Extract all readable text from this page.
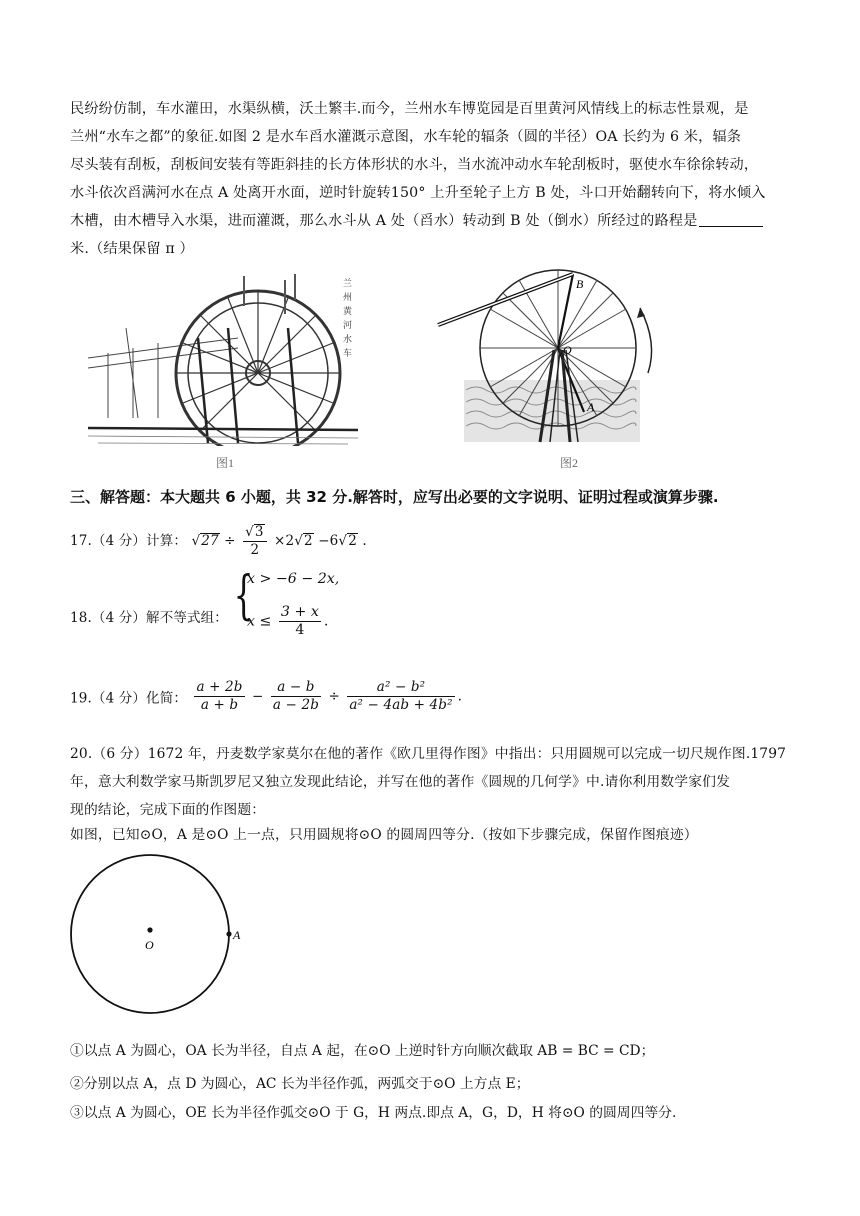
民纷纷仿制，车水灌田，水渠纵横，沃土繁丰.而今，兰州水车博览园是百里黄河风情线上的标志性景观，是
兰州“水车之都”的象征.如图 2 是水车舀水灌溉示意图，水车轮的辐条（圆的半径）OA 长约为 6 米，辐条
尽头装有刮板，刮板间安装有等距斜挂的长方体形状的水斗，当水流冲动水车轮刮板时，驱使水车徐徐转动，
水斗依次舀满河水在点 A 处离开水面，逆时针旋转150° 上升至轮子上方 B 处，斗口开始翻转向下，将水倾入
木槽，由木槽导入水渠，进而灌溉，那么水斗从 A 处（舀水）转动到 B 处（倒水）所经过的路程是
米.（结果保留 π ）
兰
州
黄
河
水
车
图1
B
O
A
图2
三、解答题：本大题共 6 小题，共 32 分.解答时，应写出必要的文字说明、证明过程或演算步骤.
17.（4 分）计算： $√27 \div \frac{√3}{2} \times 2√2 -6√2$ .
18.（4 分）解不等式组： {
x > −6 − 2x,
$x \le \frac{3 + x}{4}$ .
19.（4 分）化简： $\frac{a + 2b}{a + b} - \frac{a - b}{a - 2b} \div \frac{\text{a² − b²}}{\text{a² − 4ab + 4b²}}$ .
20.（6 分）1672 年，丹麦数学家莫尔在他的著作《欧几里得作图》中指出：只用圆规可以完成一切尺规作图.1797
年，意大利数学家马斯凯罗尼又独立发现此结论，并写在他的著作《圆规的几何学》中.请你利用数学家们发
现的结论，完成下面的作图题：
如图，已知⊙O，A 是⊙O 上一点，只用圆规将⊙O 的圆周四等分.（按如下步骤完成，保留作图痕迹）
O
A
①以点 A 为圆心，OA 长为半径，自点 A 起，在⊙O 上逆时针方向顺次截取 AB = BC = CD；
②分别以点 A，点 D 为圆心，AC 长为半径作弧，两弧交于⊙O 上方点 E；
③以点 A 为圆心，OE 长为半径作弧交⊙O 于 G，H 两点.即点 A，G，D，H 将⊙O 的圆周四等分.
